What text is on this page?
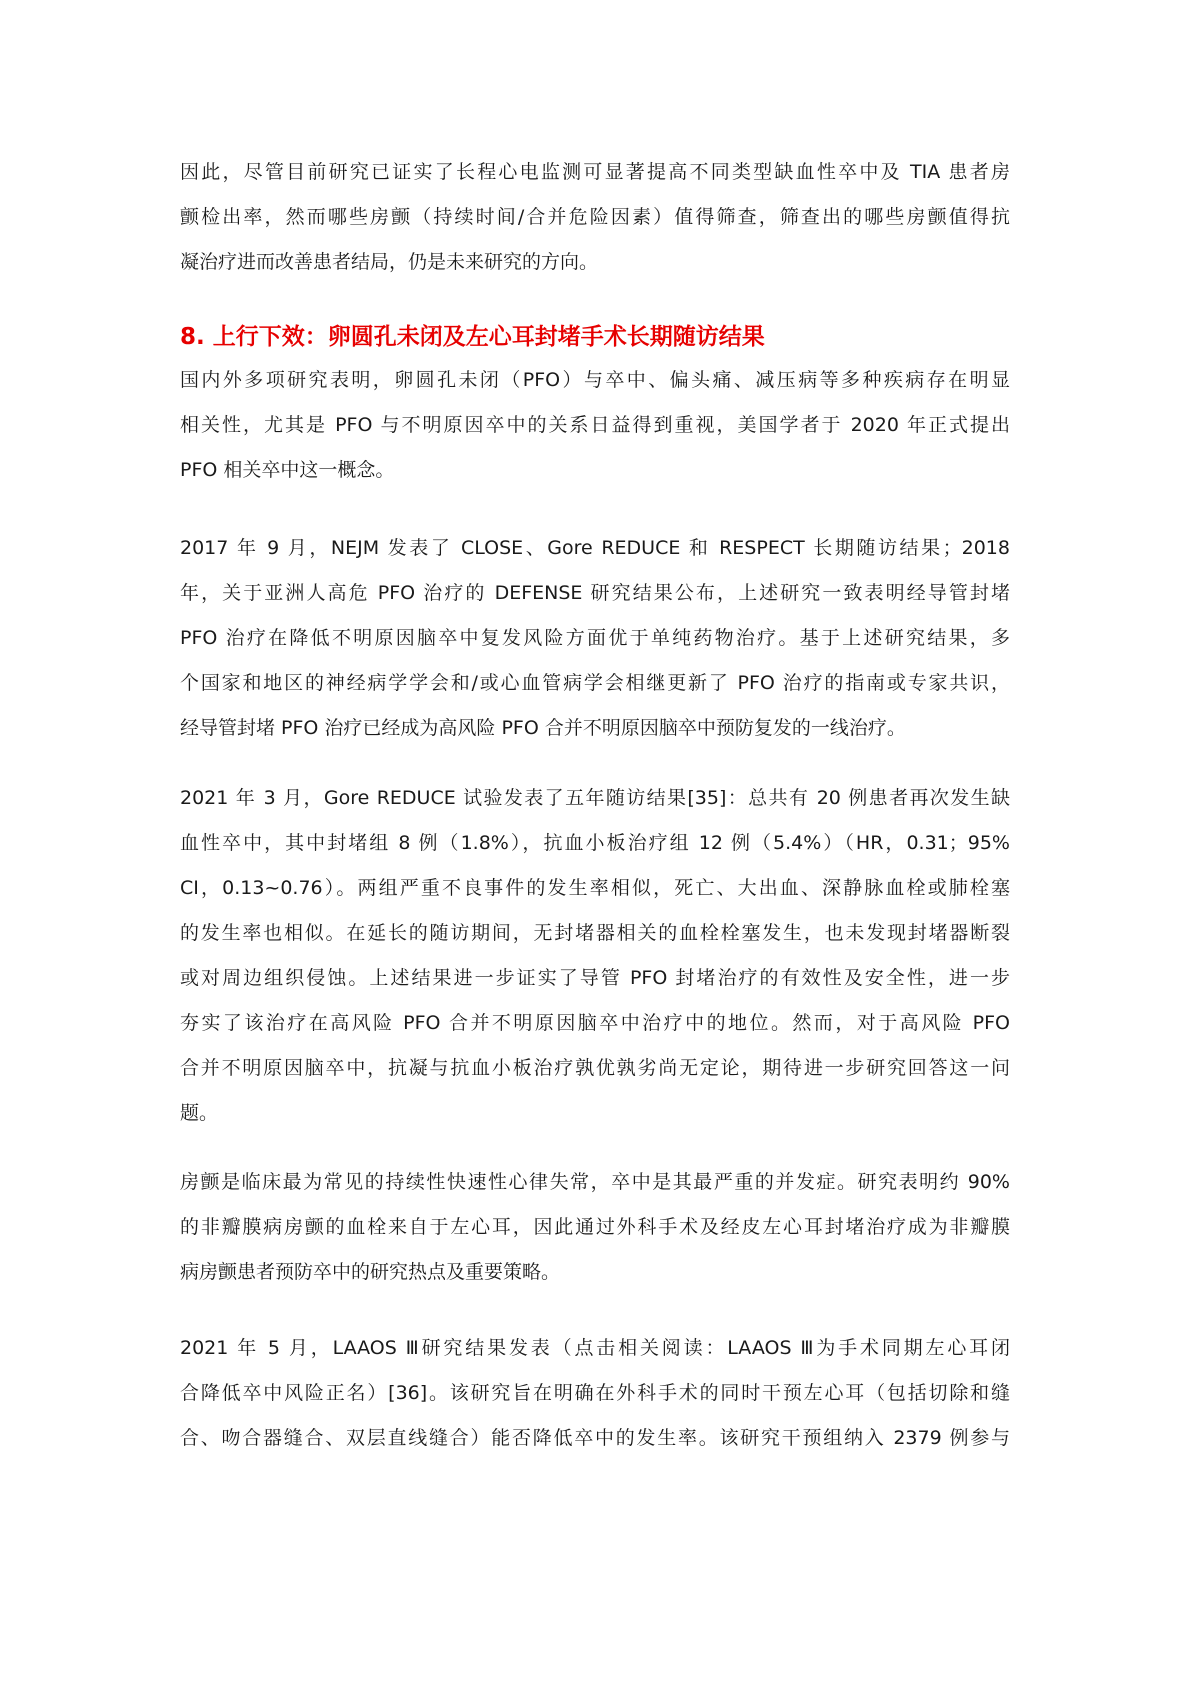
因此，尽管目前研究已证实了长程心电监测可显著提高不同类型缺血性卒中及 TIA 患者房
颤检出率，然而哪些房颤（持续时间/合并危险因素）值得筛查，筛查出的哪些房颤值得抗
凝治疗进而改善患者结局，仍是未来研究的方向。
8. 上行下效：卵圆孔未闭及左心耳封堵手术长期随访结果
国内外多项研究表明，卵圆孔未闭（PFO）与卒中、偏头痛、减压病等多种疾病存在明显
相关性，尤其是 PFO 与不明原因卒中的关系日益得到重视，美国学者于 2020 年正式提出
PFO 相关卒中这一概念。
2017 年 9 月，NEJM 发表了 CLOSE、Gore REDUCE 和 RESPECT 长期随访结果；2018
年，关于亚洲人高危 PFO 治疗的 DEFENSE 研究结果公布，上述研究一致表明经导管封堵
PFO 治疗在降低不明原因脑卒中复发风险方面优于单纯药物治疗。基于上述研究结果，多
个国家和地区的神经病学学会和/或心血管病学会相继更新了 PFO 治疗的指南或专家共识，
经导管封堵 PFO 治疗已经成为高风险 PFO 合并不明原因脑卒中预防复发的一线治疗。
2021 年 3 月，Gore REDUCE 试验发表了五年随访结果[35]：总共有 20 例患者再次发生缺
血性卒中，其中封堵组 8 例（1.8%），抗血小板治疗组 12 例（5.4%）（HR，0.31；95%
CI，0.13~0.76）。两组严重不良事件的发生率相似，死亡、大出血、深静脉血栓或肺栓塞
的发生率也相似。在延长的随访期间，无封堵器相关的血栓栓塞发生，也未发现封堵器断裂
或对周边组织侵蚀。上述结果进一步证实了导管 PFO 封堵治疗的有效性及安全性，进一步
夯实了该治疗在高风险 PFO 合并不明原因脑卒中治疗中的地位。然而，对于高风险 PFO
合并不明原因脑卒中，抗凝与抗血小板治疗孰优孰劣尚无定论，期待进一步研究回答这一问
题。
房颤是临床最为常见的持续性快速性心律失常，卒中是其最严重的并发症。研究表明约 90%
的非瓣膜病房颤的血栓来自于左心耳，因此通过外科手术及经皮左心耳封堵治疗成为非瓣膜
病房颤患者预防卒中的研究热点及重要策略。
2021 年 5 月，LAAOS Ⅲ研究结果发表（点击相关阅读：LAAOS Ⅲ为手术同期左心耳闭
合降低卒中风险正名）[36]。该研究旨在明确在外科手术的同时干预左心耳（包括切除和缝
合、吻合器缝合、双层直线缝合）能否降低卒中的发生率。该研究干预组纳入 2379 例参与
